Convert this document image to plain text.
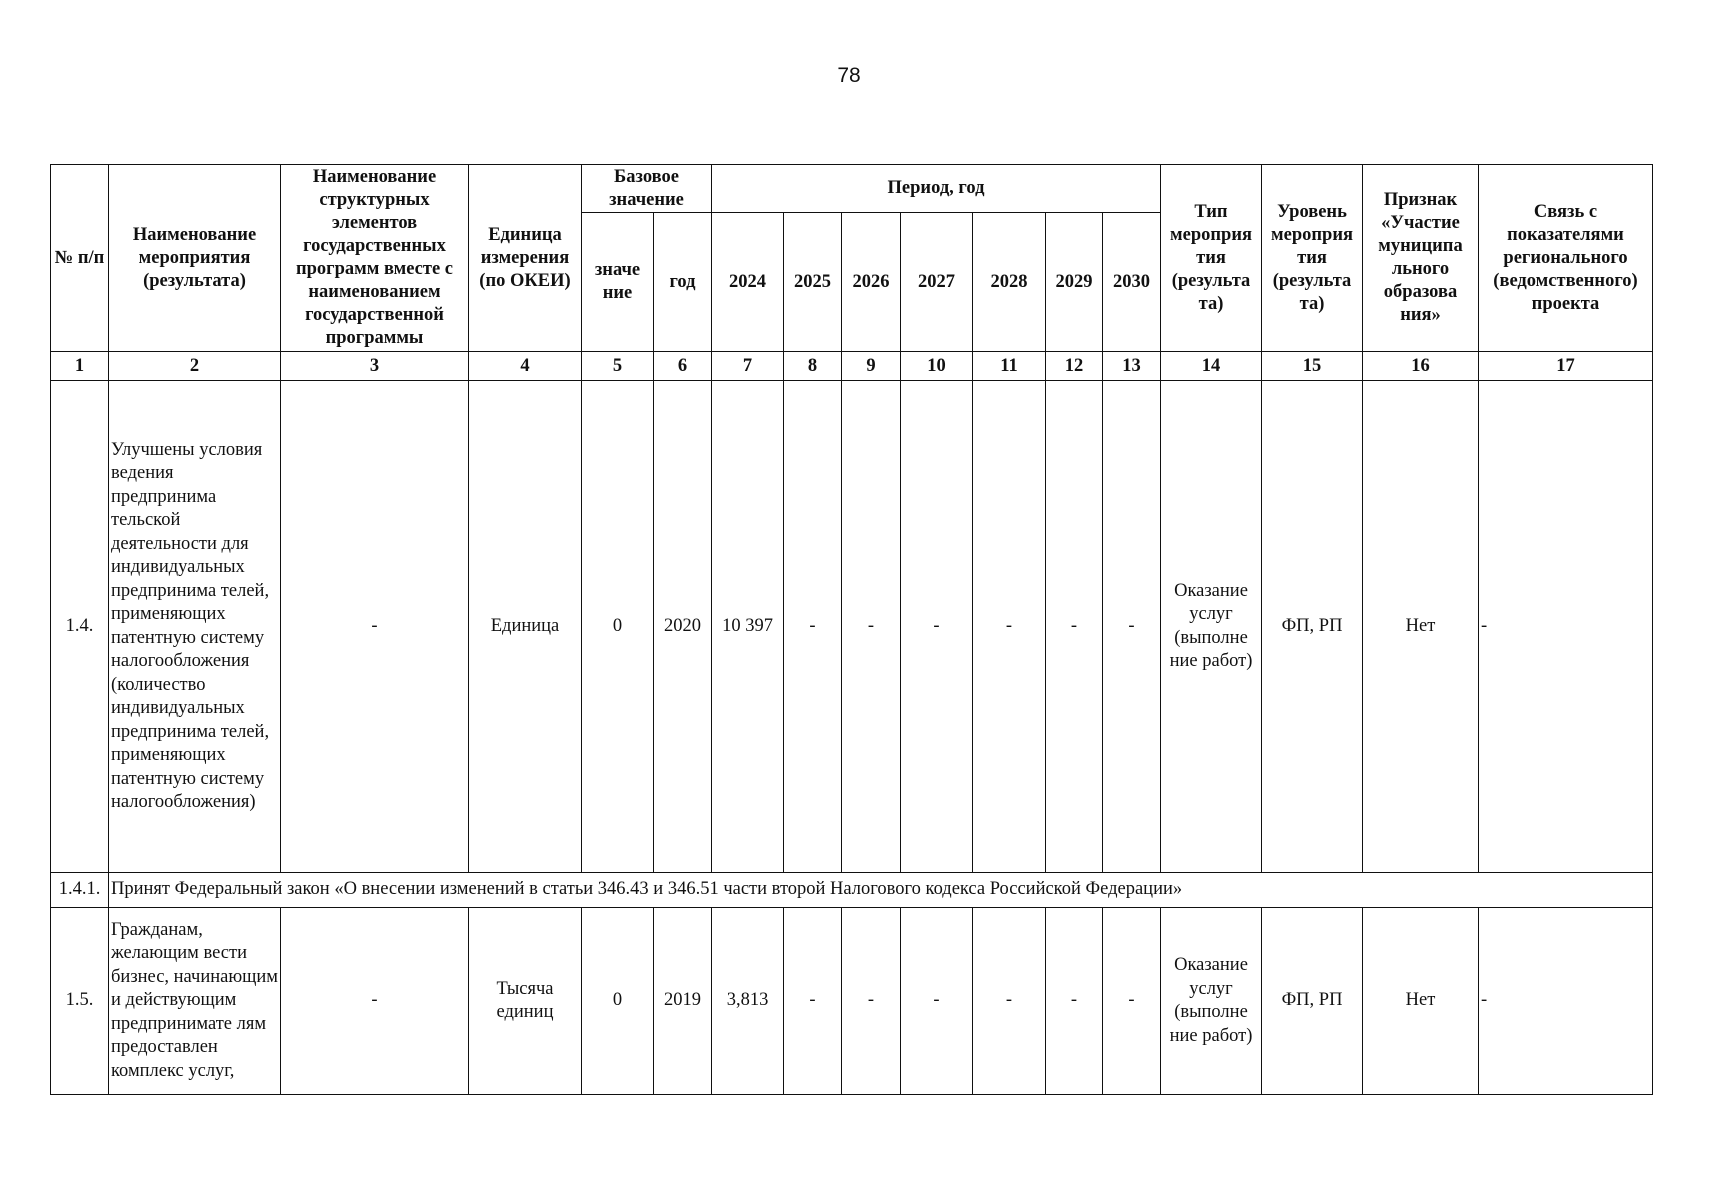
78
№ п/п	Наименование мероприятия (результата)	Наименование структурных элементов государственных программ вместе с наименованием государственной программы	Единица измерения (по ОКЕИ)	Базовое значение		Период, год							Тип мероприя тия (результа та)	Уровень мероприя тия (результа та)	Признак «Участие муниципа льного образова ния»	Связь с показателями регионального (ведомственного) проекта
				значе ние	год	2024	2025	2026	2027	2028	2029	2030				
1	2	3	4	5	6	7	8	9	10	11	12	13	14	15	16	17
1.4.	Улучшены условия ведения предпринима тельской деятельности для индивидуальных предпринима телей, применяющих патентную систему налогообложения (количество индивидуальных предпринима телей, применяющих патентную систему налогообложения)	-	Единица	0	2020	10 397	-	-	-	-	-	-	Оказание услуг (выполне ние работ)	ФП, РП	Нет	-
1.4.1.	Принят Федеральный закон «О внесении изменений в статьи 346.43 и 346.51 части второй Налогового кодекса Российской Федерации»															
1.5.	Гражданам, желающим вести бизнес, начинающим и действующим предпринимате лям предоставлен комплекс услуг,	-	Тысяча единиц	0	2019	3,813	-	-	-	-	-	-	Оказание услуг (выполне ние работ)	ФП, РП	Нет	-
